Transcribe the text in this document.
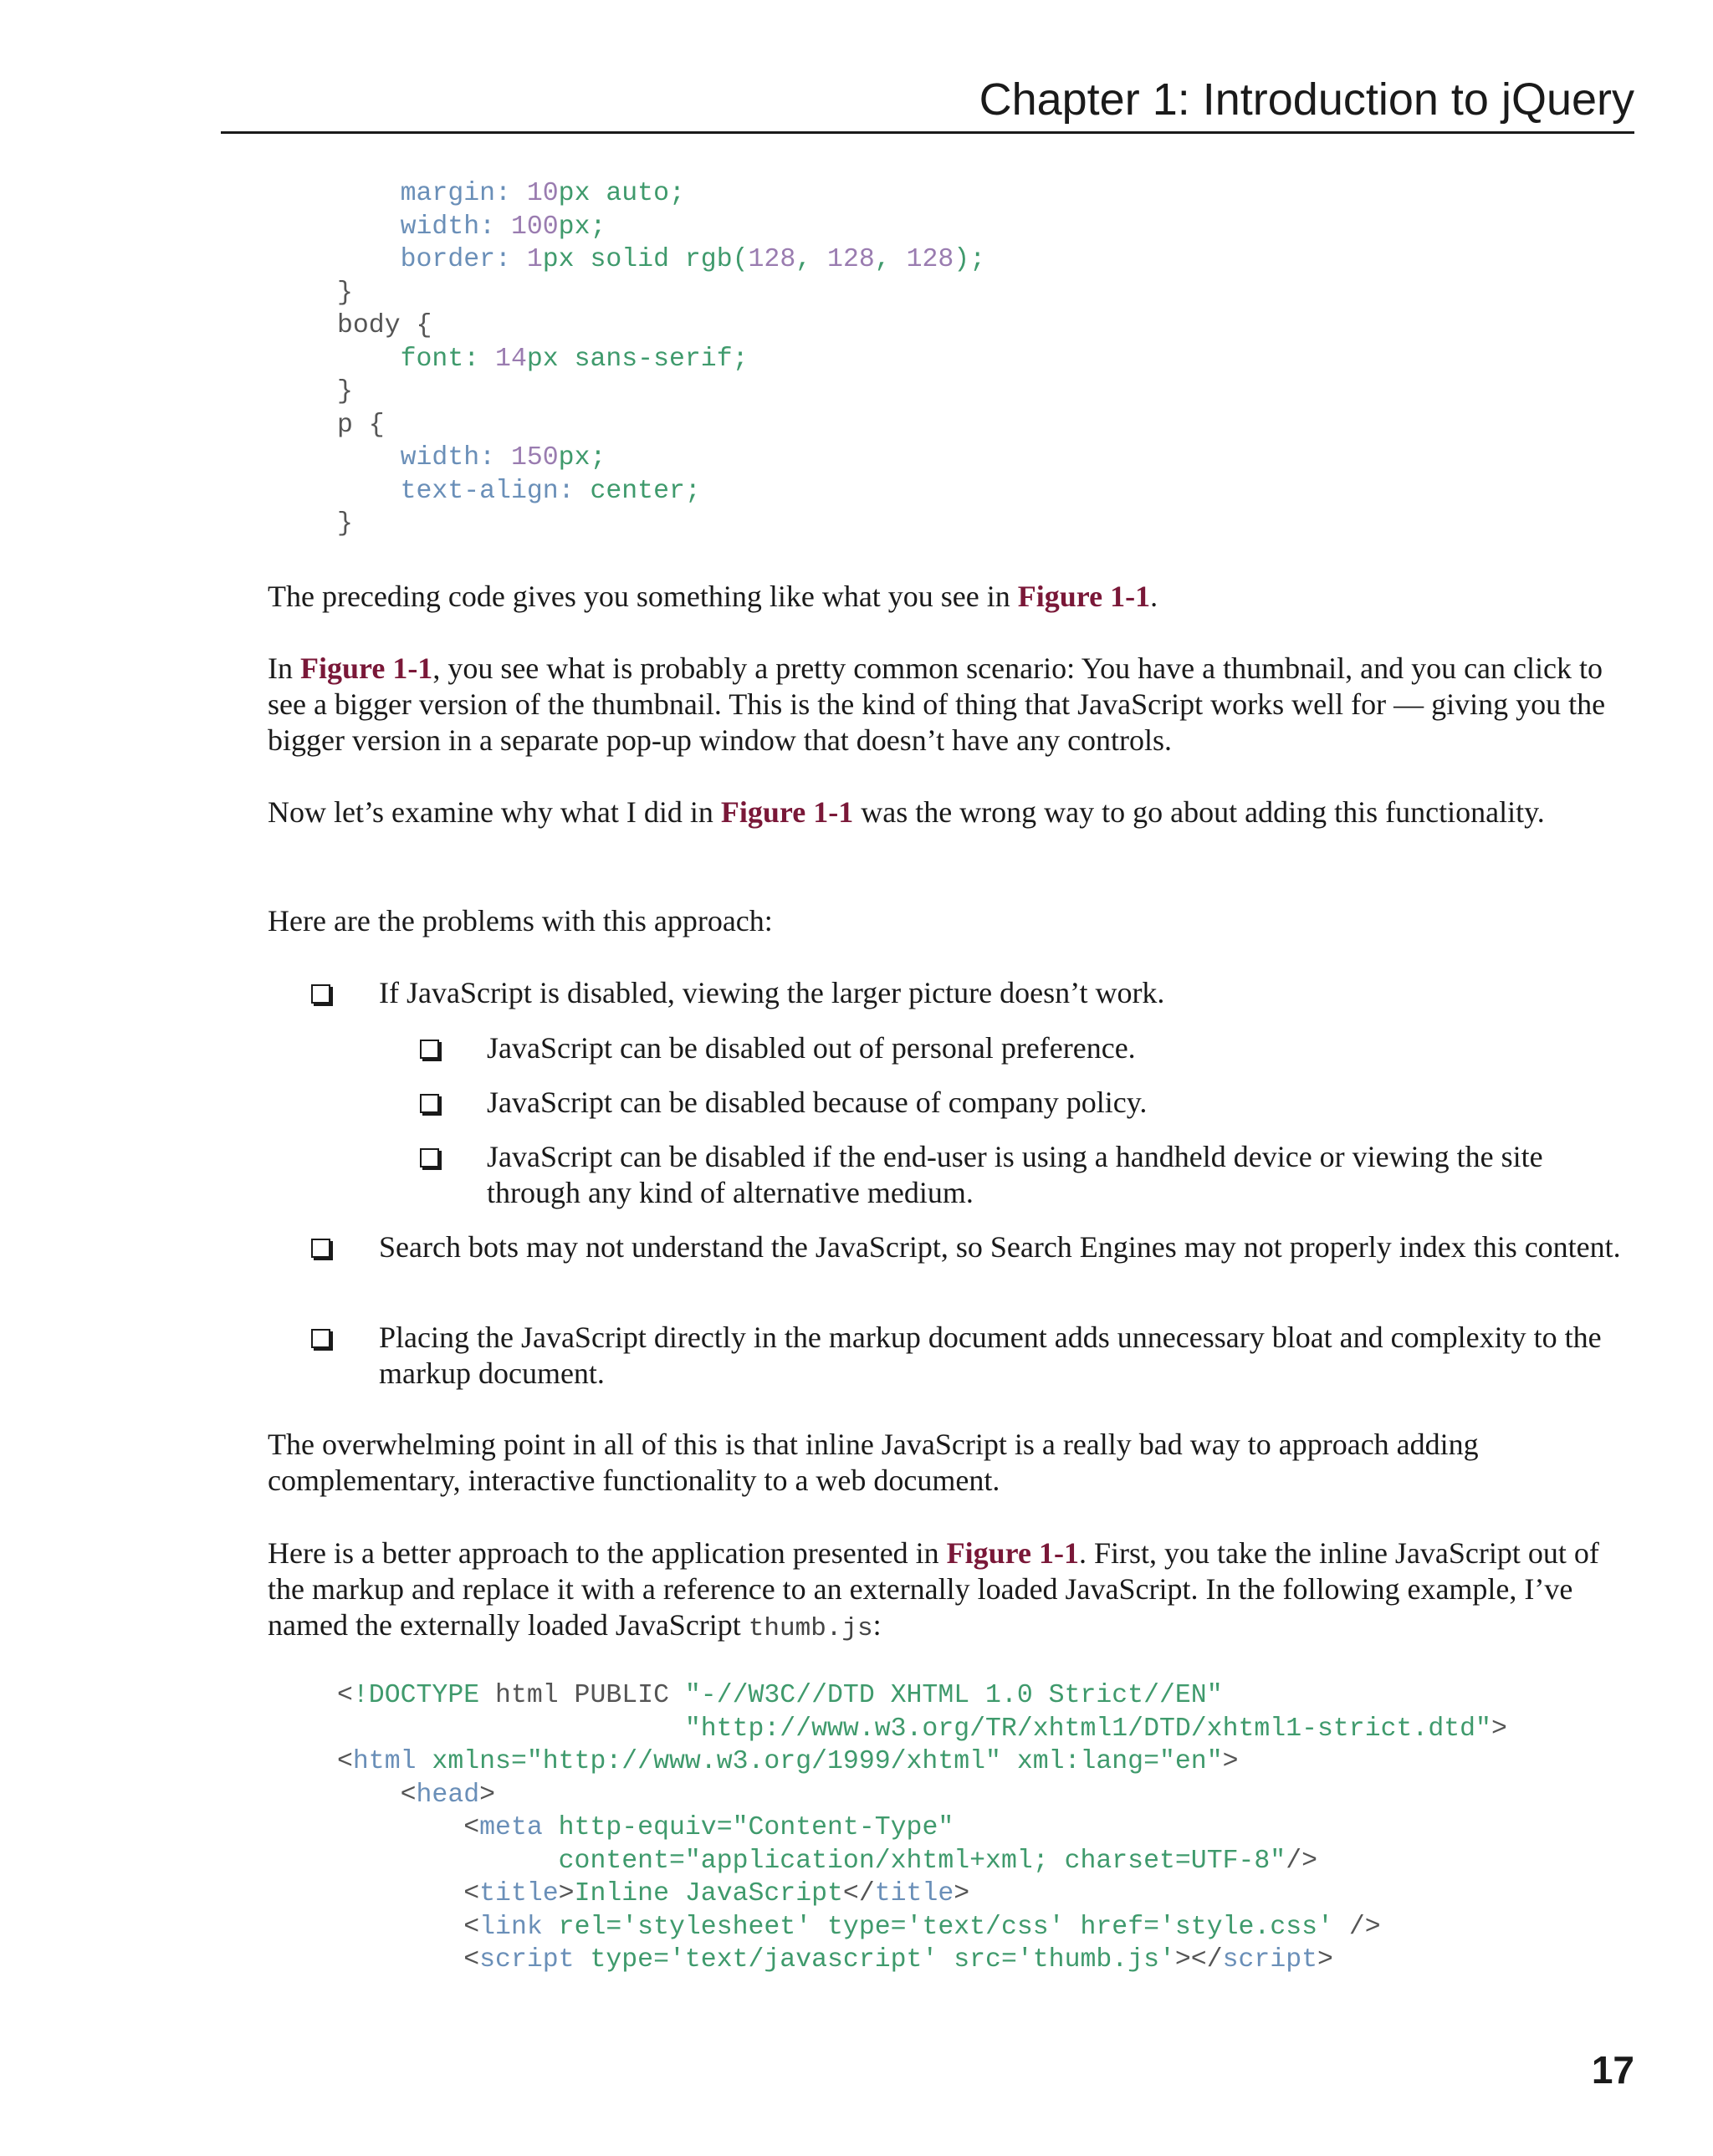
Chapter 1: Introduction to jQuery
margin: 10px auto;
width: 100px;
border: 1px solid rgb(128, 128, 128);
}
body {
font: 14px sans-serif;
}
p {
width: 150px;
text-align: center;
}

The preceding code gives you something like what you see in Figure 1-1.

In Figure 1-1, you see what is probably a pretty common scenario: You have a thumbnail, and you can click to see a bigger version of the thumbnail. This is the kind of thing that JavaScript works well for — giving you the bigger version in a separate pop-up window that doesn’t have any controls.

Now let’s examine why what I did in Figure 1-1 was the wrong way to go about adding this functionality.

Here are the problems with this approach:

If JavaScript is disabled, viewing the larger picture doesn’t work.
JavaScript can be disabled out of personal preference.
JavaScript can be disabled because of company policy.
JavaScript can be disabled if the end-user is using a handheld device or viewing the site through any kind of alternative medium.
Search bots may not understand the JavaScript, so Search Engines may not properly index this content.
Placing the JavaScript directly in the markup document adds unnecessary bloat and complexity to the markup document.

The overwhelming point in all of this is that inline JavaScript is a really bad way to approach adding complementary, interactive functionality to a web document.

Here is a better approach to the application presented in Figure 1-1. First, you take the inline JavaScript out of the markup and replace it with a reference to an externally loaded JavaScript. In the following example, I’ve named the externally loaded JavaScript thumb.js:

<!DOCTYPE html PUBLIC "-//W3C//DTD XHTML 1.0 Strict//EN"
"http://www.w3.org/TR/xhtml1/DTD/xhtml1-strict.dtd">
<html xmlns="http://www.w3.org/1999/xhtml" xml:lang="en">
<head>
<meta http-equiv="Content-Type"
content="application/xhtml+xml; charset=UTF-8"/>
<title>Inline JavaScript</title>
<link rel='stylesheet' type='text/css' href='style.css' />
<script type='text/javascript' src='thumb.js'></script>
17
